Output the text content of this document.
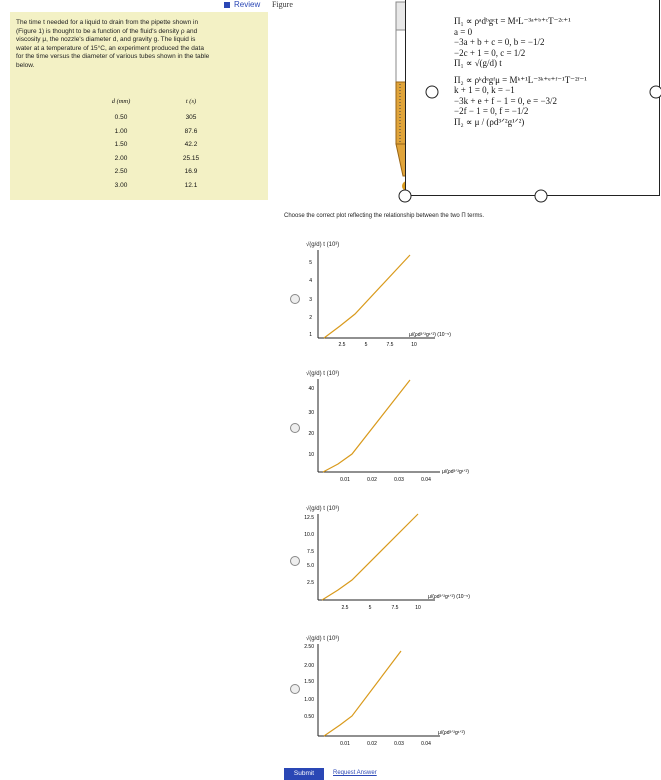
Review Figure
The time t needed for a liquid to drain from the pipette shown in
(Figure 1) is thought to be a function of the fluid's density ρ and
viscosity μ, the nozzle's diameter d, and gravity g. The liquid is
water at a temperature of 15°C, an experiment produced the data
for the time versus the diameter of various tubes shown in the table
below.
d (mm)	t (s)
0.50	305
1.00	87.6
1.50	42.2
2.00	25.15
2.50	16.9
3.00	12.1
Π₁ ∝ ρᵃdᵇgᶜt = MᵃL⁻³ᵃ⁺ᵇ⁺ᶜT⁻²ᶜ⁺¹
a = 0
−3a + b + c = 0, b = −1/2
−2c + 1 = 0, c = 1/2
Π₁ ∝ √(g/d) t
Π₂ ∝ ρᵏdᵉgᶠμ = Mᵏ⁺¹L⁻³ᵏ⁺ᵉ⁺ᶠ⁻¹T⁻²ᶠ⁻¹
k + 1 = 0, k = −1
−3k + e + f − 1 = 0, e = −3/2
−2f − 1 = 0, f = −1/2
Π₂ ∝ μ / (ρd³ᐟ²g¹ᐟ²)
Choose the correct plot reflecting the relationship between the two Π terms.
√(g/d) t (10³)
5
4
3
2
1
2.5	5	7.5	10
μ/(ρd³ᐟ²g¹ᐟ²) (10⁻⁵)
√(g/d) t (10³)
40
30
20
10
0.01	0.02	0.03	0.04
μ/(ρd³ᐟ²g¹ᐟ²)
√(g/d) t (10³)
12.5
10.0
7.5
5.0
2.5
2.5	5	7.5	10
μ/(ρd³ᐟ²g¹ᐟ²) (10⁻⁵)
√(g/d) t (10³)
2.50
2.00
1.50
1.00
0.50
0.01	0.02	0.03	0.04
μ/(ρd³ᐟ²g¹ᐟ²)
Submit	Request Answer
